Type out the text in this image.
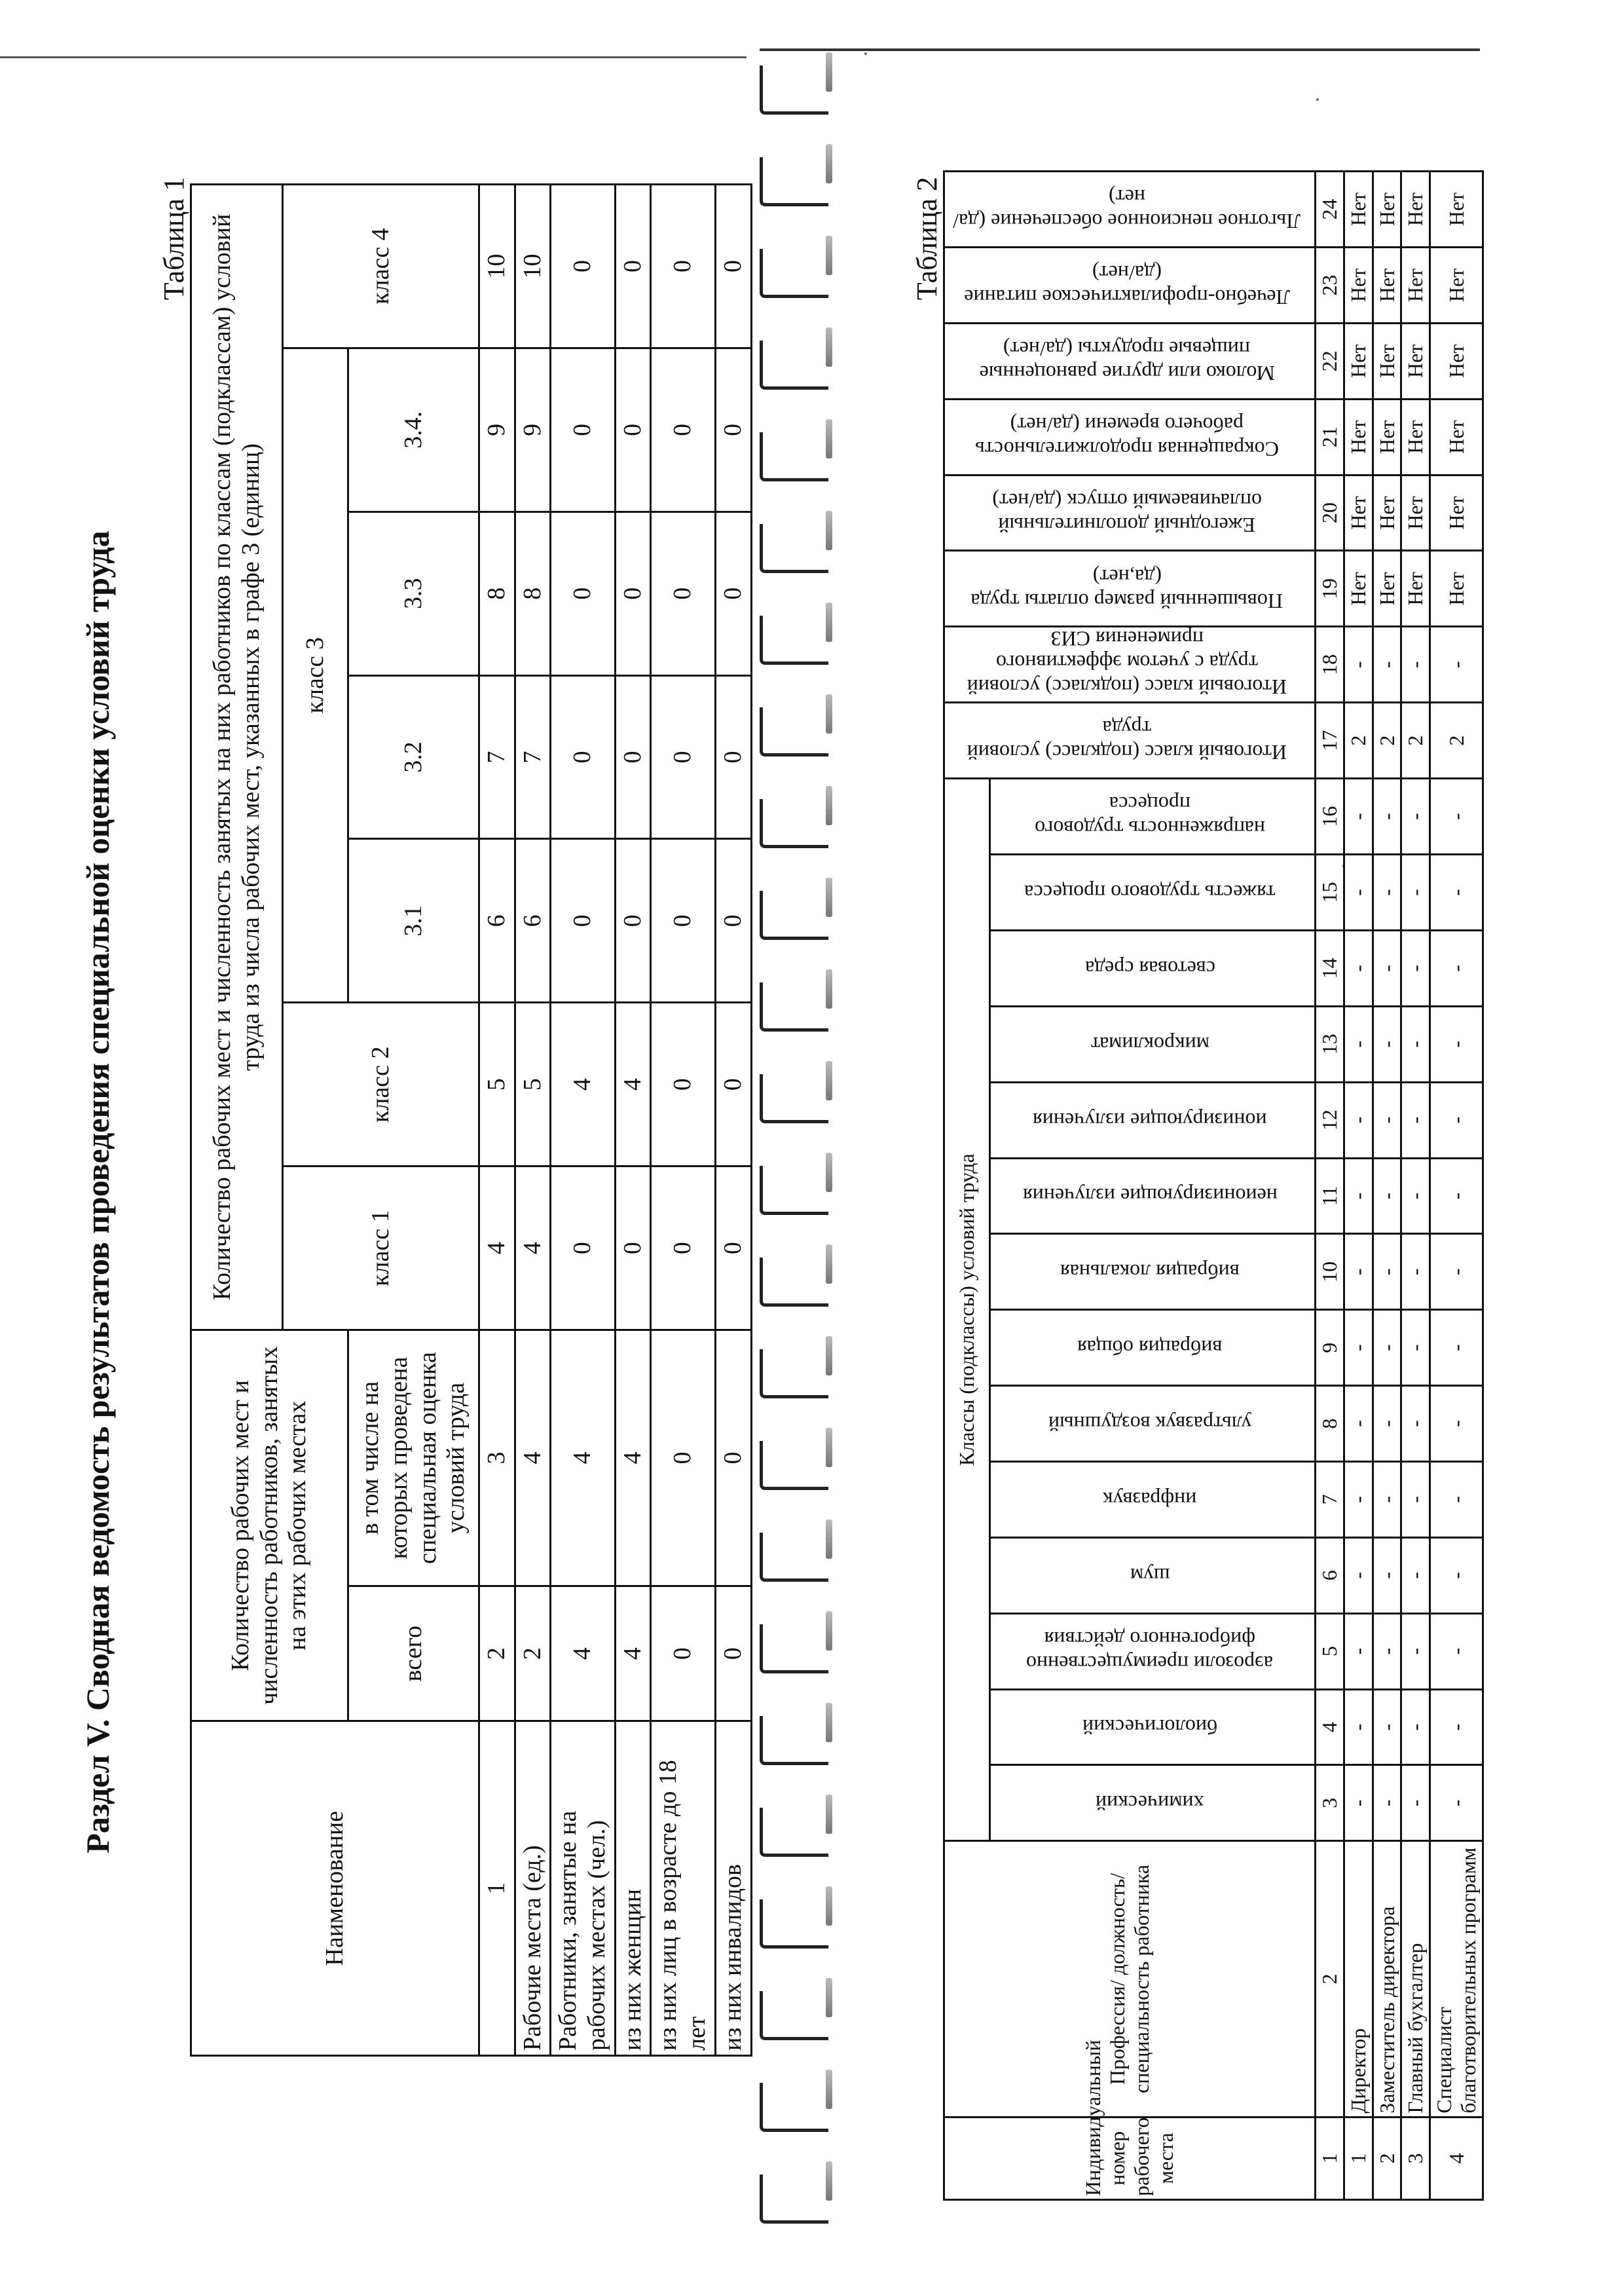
Раздел V. Сводная ведомость результатов проведения специальной оценки условий труда
Таблица 1
Наименование	Количество рабочих мест и численность работников, занятых на этих рабочих местах		Количество рабочих мест и численность занятых на них работников по классам (подклассам) условий труда из числа рабочих мест, указанных в графе 3 (единиц)						
			класс 1	класс 2	класс 3				класс 4
	всего	в том числе на которых проведена специальная оценка условий труда			3.1	3.2	3.3	3.4.	
1	2	3	4	5	6	7	8	9	10
Рабочие места (ед.)	2	4	4	5	6	7	8	9	10
Работники, занятые на рабочих местах (чел.)	4	4	0	4	0	0	0	0	0
из них женщин	4	4	0	4	0	0	0	0	0
из них лиц в возрасте до 18 лет	0	0	0	0	0	0	0	0	0
из них инвалидов	0	0	0	0	0	0	0	0	0	Таблица 2
Индивидуальный номер рабочего места	Профессия/ должность/ специальность работника	Классы (подклассы) условий труда														Итоговый класс (подкласс) условий труда	Итоговый класс (подкласс) условий труда с учетом эффективного применения СИЗ	Повышенный размер оплаты труда (да,нет)	Ежегодный дополнительный оплачиваемый отпуск (да/нет)	Сокращенная продолжительность рабочего времени (да/нет)	Молоко или другие равноценные пищевые продукты (да/нет)	Лечебно-профилактическое питание (да/нет)	Льготное пенсионное обеспечение (да/нет)
		химический	биологический	аэрозоли преимущественно фиброгенного действия	шум	инфразвук	ультразвук воздушный	вибрация общая	вибрация локальная	неионизирующие излучения	ионизирующие излучения	микроклимат	световая среда	тяжесть трудового процесса	напряженность трудового процесса								
1	2	3	4	5	6	7	8	9	10	11	12	13	14	15	16	17	18	19	20	21	22	23	24
1	Директор	-	-	-	-	-	-	-	-	-	-	-	-	-	-	2	-	Нет	Нет	Нет	Нет	Нет	Нет
2	Заместитель директора	-	-	-	-	-	-	-	-	-	-	-	-	-	-	2	-	Нет	Нет	Нет	Нет	Нет	Нет
3	Главный бухгалтер	-	-	-	-	-	-	-	-	-	-	-	-	-	-	2	-	Нет	Нет	Нет	Нет	Нет	Нет
4	Специалист благотворительных программ	-	-	-	-	-	-	-	-	-	-	-	-	-	-	2	-	Нет	Нет	Нет	Нет	Нет	Нет
